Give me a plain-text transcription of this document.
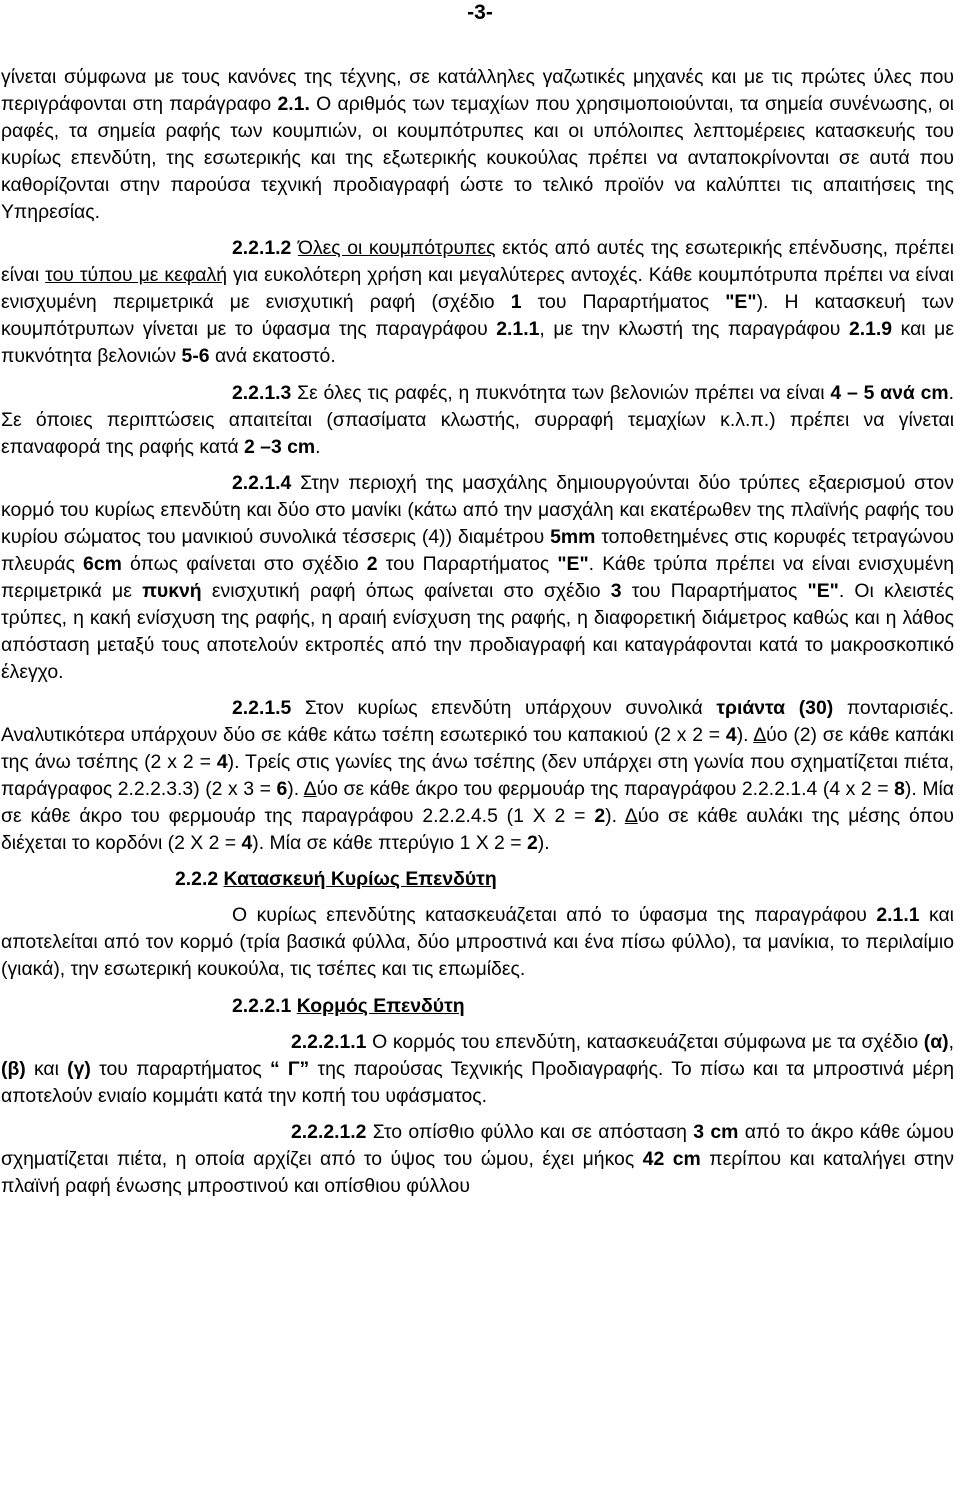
-3-

γίνεται σύμφωνα με τους κανόνες της τέχνης, σε κατάλληλες γαζωτικές μηχανές και με τις πρώτες ύλες που περιγράφονται στη παράγραφο 2.1. Ο αριθμός των τεμαχίων που χρησιμοποιούνται, τα σημεία συνένωσης, οι ραφές, τα σημεία ραφής των κουμπιών, οι κουμπότρυπες και οι υπόλοιπες λεπτομέρειες κατασκευής του κυρίως επενδύτη, της εσωτερικής και της εξωτερικής κουκούλας πρέπει να ανταποκρίνονται σε αυτά που καθορίζονται στην παρούσα τεχνική προδιαγραφή ώστε το τελικό προϊόν να καλύπτει τις απαιτήσεις της Υπηρεσίας.

2.2.1.2 Όλες οι κουμπότρυπες εκτός από αυτές της εσωτερικής επένδυσης, πρέπει είναι του τύπου με κεφαλή για ευκολότερη χρήση και μεγαλύτερες αντοχές. Κάθε κουμπότρυπα πρέπει να είναι ενισχυμένη περιμετρικά με ενισχυτική ραφή (σχέδιο 1 του Παραρτήματος "Ε"). Η κατασκευή των κουμπότρυπων γίνεται με το ύφασμα της παραγράφου 2.1.1, με την κλωστή της παραγράφου 2.1.9 και με πυκνότητα βελονιών 5-6 ανά εκατοστό.

2.2.1.3 Σε όλες τις ραφές, η πυκνότητα των βελονιών πρέπει να είναι 4 – 5 ανά cm. Σε όποιες περιπτώσεις απαιτείται (σπασίματα κλωστής, συρραφή τεμαχίων κ.λ.π.) πρέπει να γίνεται επαναφορά της ραφής κατά 2 –3 cm.

2.2.1.4 Στην περιοχή της μασχάλης δημιουργούνται δύο τρύπες εξαερισμού στον κορμό του κυρίως επενδύτη και δύο στο μανίκι (κάτω από την μασχάλη και εκατέρωθεν της πλαϊνής ραφής του κυρίου σώματος του μανικιού συνολικά τέσσερις (4)) διαμέτρου 5mm τοποθετημένες στις κορυφές τετραγώνου πλευράς 6cm όπως φαίνεται στο σχέδιο 2 του Παραρτήματος "Ε". Κάθε τρύπα πρέπει να είναι ενισχυμένη περιμετρικά με πυκνή ενισχυτική ραφή όπως φαίνεται στο σχέδιο 3 του Παραρτήματος "Ε". Οι κλειστές τρύπες, η κακή ενίσχυση της ραφής, η αραιή ενίσχυση της ραφής, η διαφορετική διάμετρος καθώς και η λάθος απόσταση μεταξύ τους αποτελούν εκτροπές από την προδιαγραφή και καταγράφονται κατά το μακροσκοπικό έλεγχο.

2.2.1.5 Στον κυρίως επενδύτη υπάρχουν συνολικά τριάντα (30) πονταρισιές. Αναλυτικότερα υπάρχουν δύο σε κάθε κάτω τσέπη εσωτερικό του καπακιού (2 x 2 = 4). Δύο (2) σε κάθε καπάκι της άνω τσέπης (2 x 2 = 4). Τρείς στις γωνίες της άνω τσέπης (δεν υπάρχει στη γωνία που σχηματίζεται πιέτα, παράγραφος 2.2.2.3.3) (2 x 3 = 6). Δύο σε κάθε άκρο του φερμουάρ της παραγράφου 2.2.2.1.4 (4 x 2 = 8). Μία σε κάθε άκρο του φερμουάρ της παραγράφου 2.2.2.4.5 (1 Χ 2 = 2). Δύο σε κάθε αυλάκι της μέσης όπου διέχεται το κορδόνι (2 Χ 2 = 4). Μία σε κάθε πτερύγιο 1 Χ 2 = 2).

2.2.2 Κατασκευή Κυρίως Επενδύτη

Ο κυρίως επενδύτης κατασκευάζεται από το ύφασμα της παραγράφου 2.1.1 και αποτελείται από τον κορμό (τρία βασικά φύλλα, δύο μπροστινά και ένα πίσω φύλλο), τα μανίκια, το περιλαίμιο (γιακά), την εσωτερική κουκούλα, τις τσέπες και τις επωμίδες.

2.2.2.1 Κορμός Επενδύτη

2.2.2.1.1 Ο κορμός του επενδύτη, κατασκευάζεται σύμφωνα με τα σχέδιο (α), (β) και (γ) του παραρτήματος “ Γ” της παρούσας Τεχνικής Προδιαγραφής. Το πίσω και τα μπροστινά μέρη αποτελούν ενιαίο κομμάτι κατά την κοπή του υφάσματος.

2.2.2.1.2 Στο οπίσθιο φύλλο και σε απόσταση 3 cm από το άκρο κάθε ώμου σχηματίζεται πιέτα, η οποία αρχίζει από το ύψος του ώμου, έχει μήκος 42 cm περίπου και καταλήγει στην πλαϊνή ραφή ένωσης μπροστινού και οπίσθιου φύλλου
